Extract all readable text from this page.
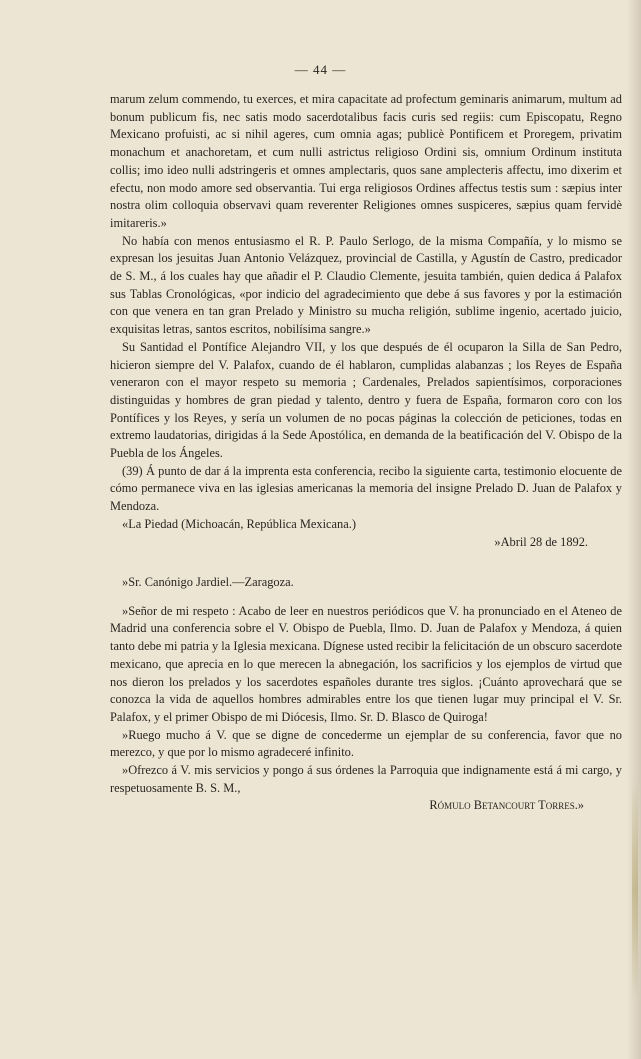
— 44 —

marum zelum commendo, tu exerces, et mira capacitate ad profectum geminaris animarum, multum ad bonum publicum fis, nec satis modo sacerdotalibus facis curis sed regiis: cum Episcopatu, Regno Mexicano profuisti, ac si nihil ageres, cum omnia agas; publicè Pontificem et Proregem, privatim monachum et anachoretam, et cum nulli astrictus religioso Ordini sis, omnium Ordinum instituta collis; imo ideo nulli adstringeris et omnes amplectaris, quos sane amplecteris affectu, imo dixerim et efectu, non modo amore sed observantia. Tui erga religiosos Ordines affectus testis sum : sæpius inter nostra olim colloquia observavi quam reverenter Religiones omnes suspiceres, sæpius quam fervidè imitareris.»

No había con menos entusiasmo el R. P. Paulo Serlogo, de la misma Compañía, y lo mismo se expresan los jesuitas Juan Antonio Velázquez, provincial de Castilla, y Agustín de Castro, predicador de S. M., á los cuales hay que añadir el P. Claudio Clemente, jesuita también, quien dedica á Palafox sus Tablas Cronológicas, «por indicio del agradecimiento que debe á sus favores y por la estimación con que venera en tan gran Prelado y Ministro su mucha religión, sublime ingenio, acertado juicio, exquisitas letras, santos escritos, nobilísima sangre.»

Su Santidad el Pontífice Alejandro VII, y los que después de él ocuparon la Silla de San Pedro, hicieron siempre del V. Palafox, cuando de él hablaron, cumplidas alabanzas ; los Reyes de España veneraron con el mayor respeto su memoria ; Cardenales, Prelados sapientísimos, corporaciones distinguidas y hombres de gran piedad y talento, dentro y fuera de España, formaron coro con los Pontífices y los Reyes, y sería un volumen de no pocas páginas la colección de peticiones, todas en extremo laudatorias, dirigidas á la Sede Apostólica, en demanda de la beatificación del V. Obispo de la Puebla de los Ángeles.

(39) Á punto de dar á la imprenta esta conferencia, recibo la siguiente carta, testimonio elocuente de cómo permanece viva en las iglesias americanas la memoria del insigne Prelado D. Juan de Palafox y Mendoza.

«La Piedad (Michoacán, República Mexicana.)

»Abril 28 de 1892.

»Sr. Canónigo Jardiel.—Zaragoza.

»Señor de mi respeto : Acabo de leer en nuestros periódicos que V. ha pronunciado en el Ateneo de Madrid una conferencia sobre el V. Obispo de Puebla, Ilmo. D. Juan de Palafox y Mendoza, á quien tanto debe mi patria y la Iglesia mexicana. Dígnese usted recibir la felicitación de un obscuro sacerdote mexicano, que aprecia en lo que merecen la abnegación, los sacrificios y los ejemplos de virtud que nos dieron los prelados y los sacerdotes españoles durante tres siglos. ¡Cuánto aprovechará que se conozca la vida de aquellos hombres admirables entre los que tienen lugar muy principal el V. Sr. Palafox, y el primer Obispo de mi Diócesis, Ilmo. Sr. D. Blasco de Quiroga!

»Ruego mucho á V. que se digne de concederme un ejemplar de su conferencia, favor que no merezco, y que por lo mismo agradeceré infinito.

»Ofrezco á V. mis servicios y pongo á sus órdenes la Parroquia que indignamente está á mi cargo, y respetuosamente B. S. M.,

Rómulo Betancourt Torres.»
